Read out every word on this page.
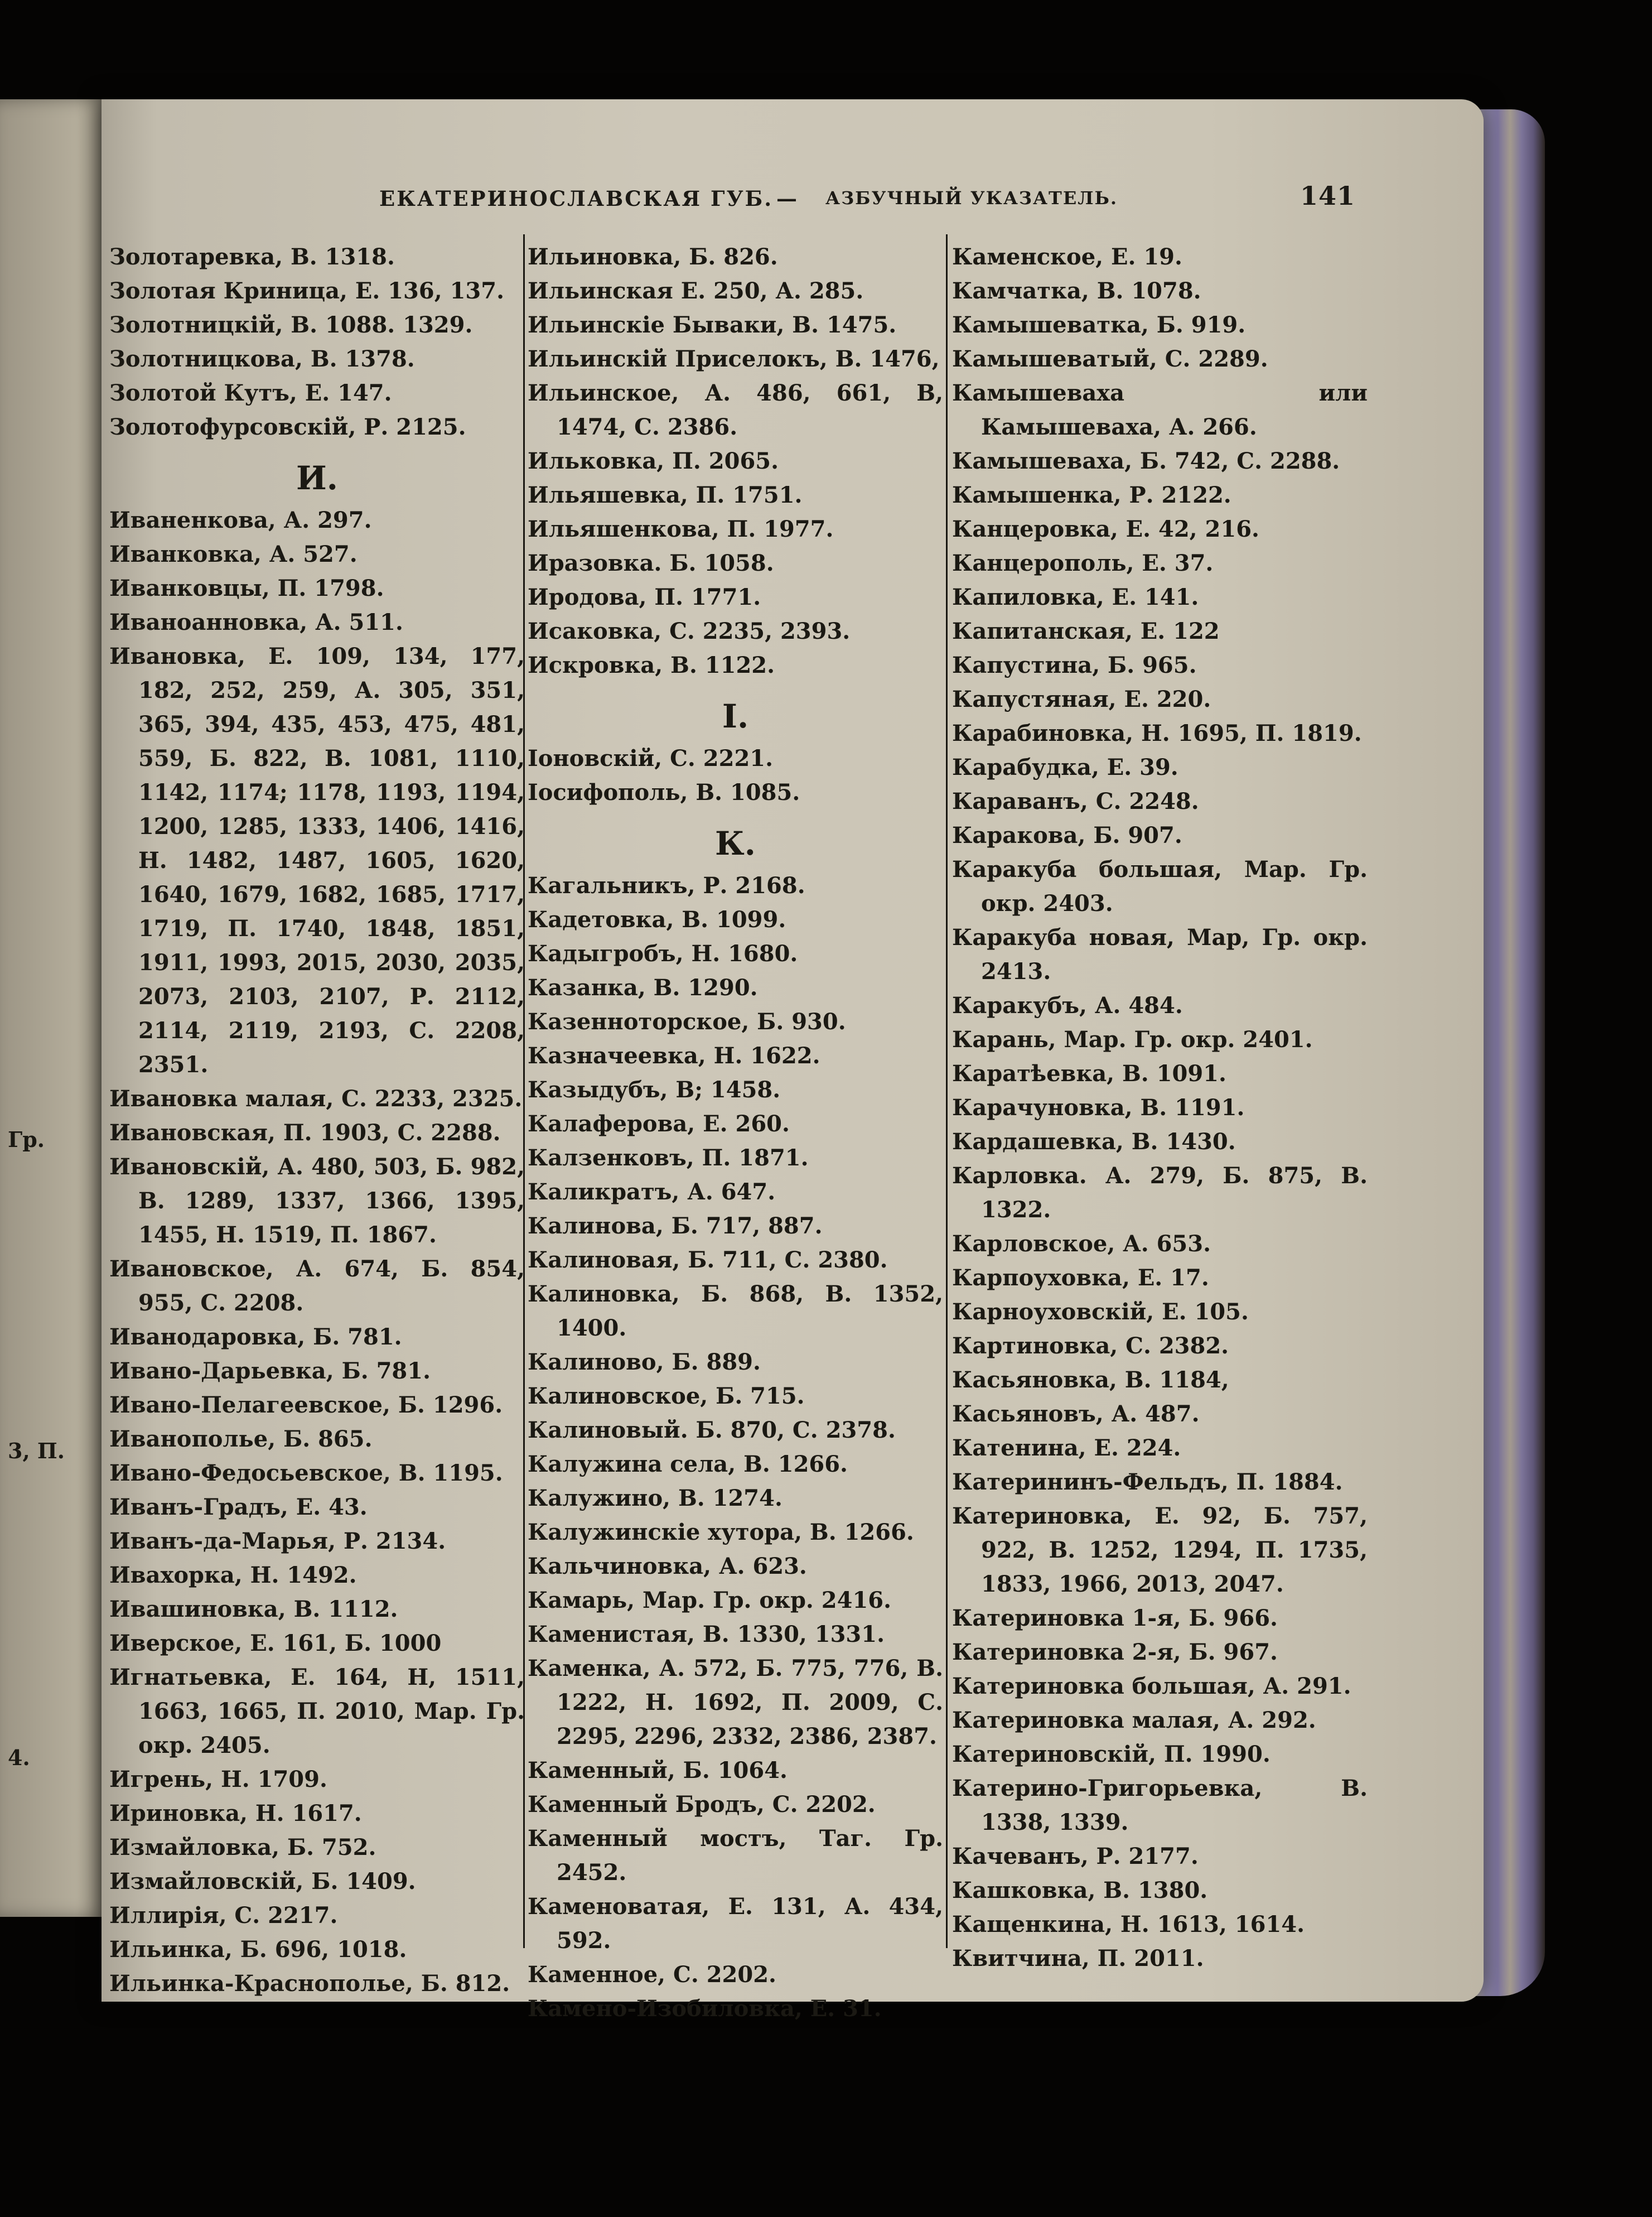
Гр.
3, П.
4.
ЕКАТЕРИНОСЛАВСКАЯ ГУБ. — АЗБУЧНЫЙ УКАЗАТЕЛЬ.	141

Золотаревка, В. 1318.

Золотая Криница, Е. 136, 137.

Золотницкій, В. 1088. 1329.

Золотницкова, В. 1378.

Золотой Кутъ, Е. 147.

Золотофурсовскій, Р. 2125.

И.

Иваненкова, А. 297.

Иванковка, А. 527.

Иванковцы, П. 1798.

Иваноанновка, А. 511.

Ивановка, Е. 109, 134, 177, 182, 252, 259, А. 305, 351, 365, 394, 435, 453, 475, 481, 559, Б. 822, В. 1081, 1110, 1142, 1174; 1178, 1193, 1194, 1200, 1285, 1333, 1406, 1416, Н. 1482, 1487, 1605, 1620, 1640, 1679, 1682, 1685, 1717, 1719, П. 1740, 1848, 1851, 1911, 1993, 2015, 2030, 2035, 2073, 2103, 2107, Р. 2112, 2114, 2119, 2193, С. 2208, 2351.

Ивановка малая, С. 2233, 2325.

Ивановская, П. 1903, С. 2288.

Ивановскій, А. 480, 503, Б. 982, В. 1289, 1337, 1366, 1395, 1455, Н. 1519, П. 1867.

Ивановское, А. 674, Б. 854, 955, С. 2208.

Иванодаровка, Б. 781.

Ивано-Дарьевка, Б. 781.

Ивано-Пелагеевское, Б. 1296.

Иванополье, Б. 865.

Ивано-Федосьевское, В. 1195.

Иванъ-Градъ, Е. 43.

Иванъ-да-Марья, Р. 2134.

Ивахорка, Н. 1492.

Ивашиновка, В. 1112.

Иверское, Е. 161, Б. 1000

Игнатьевка, Е. 164, Н, 1511, 1663, 1665, П. 2010, Мар. Гр. окр. 2405.

Игрень, Н. 1709.

Ириновка, Н. 1617.

Измайловка, Б. 752.

Измайловскій, Б. 1409.

Иллирія, С. 2217.

Ильинка, Б. 696, 1018.

Ильинка-Краснополье, Б. 812.

Ильиновка, Б. 826.

Ильинская Е. 250, А. 285.

Ильинскіе Бываки, В. 1475.

Ильинскій Приселокъ, В. 1476,

Ильинское, А. 486, 661, В, 1474, С. 2386.

Ильковка, П. 2065.

Ильяшевка, П. 1751.

Ильяшенкова, П. 1977.

Иразовка. Б. 1058.

Иродова, П. 1771.

Исаковка, С. 2235, 2393.

Искровка, В. 1122.

I.

Іоновскій, С. 2221.

Іосифополь, В. 1085.

К.

Кагальникъ, Р. 2168.

Кадетовка, В. 1099.

Кадыгробъ, Н. 1680.

Казанка, В. 1290.

Казенноторское, Б. 930.

Казначеевка, Н. 1622.

Казыдубъ, В; 1458.

Калаферова, Е. 260.

Калзенковъ, П. 1871.

Каликратъ, А. 647.

Калинова, Б. 717, 887.

Калиновая, Б. 711, С. 2380.

Калиновка, Б. 868, В. 1352, 1400.

Калиново, Б. 889.

Калиновское, Б. 715.

Калиновый. Б. 870, С. 2378.

Калужина села, В. 1266.

Калужино, В. 1274.

Калужинскіе хутора, В. 1266.

Кальчиновка, А. 623.

Камарь, Мар. Гр. окр. 2416.

Каменистая, В. 1330, 1331.

Каменка, А. 572, Б. 775, 776, В. 1222, Н. 1692, П. 2009, С. 2295, 2296, 2332, 2386, 2387.

Каменный, Б. 1064.

Каменный Бродъ, С. 2202.

Каменный мостъ, Таг. Гр. 2452.

Каменоватая, Е. 131, А. 434, 592.

Каменное, С. 2202.

Камено-Изобиловка, Е. 31.

Каменское, Е. 19.

Камчатка, В. 1078.

Камышеватка, Б. 919.

Камышеватый, С. 2289.

Камышеваха или Камышеваха, А. 266.

Камышеваха, Б. 742, С. 2288.

Камышенка, Р. 2122.

Канцеровка, Е. 42, 216.

Канцерополь, Е. 37.

Капиловка, Е. 141.

Капитанская, Е. 122

Капустина, Б. 965.

Капустяная, Е. 220.

Карабиновка, Н. 1695, П. 1819.

Карабудка, Е. 39.

Караванъ, С. 2248.

Каракова, Б. 907.

Каракуба большая, Мар. Гр. окр. 2403.

Каракуба новая, Мар, Гр. окр. 2413.

Каракубъ, А. 484.

Карань, Мар. Гр. окр. 2401.

Каратѣевка, В. 1091.

Карачуновка, В. 1191.

Кардашевка, В. 1430.

Карловка. А. 279, Б. 875, В. 1322.

Карловское, А. 653.

Карпоуховка, Е. 17.

Карноуховскій, Е. 105.

Картиновка, С. 2382.

Касьяновка, В. 1184,

Касьяновъ, А. 487.

Катенина, Е. 224.

Катерининъ-Фельдъ, П. 1884.

Катериновка, Е. 92, Б. 757, 922, В. 1252, 1294, П. 1735, 1833, 1966, 2013, 2047.

Катериновка 1-я, Б. 966.

Катериновка 2-я, Б. 967.

Катериновка большая, А. 291.

Катериновка малая, А. 292.

Катериновскій, П. 1990.

Катерино-Григорьевка, В. 1338, 1339.

Качеванъ, Р. 2177.

Кашковка, В. 1380.

Кащенкина, Н. 1613, 1614.

Квитчина, П. 2011.
